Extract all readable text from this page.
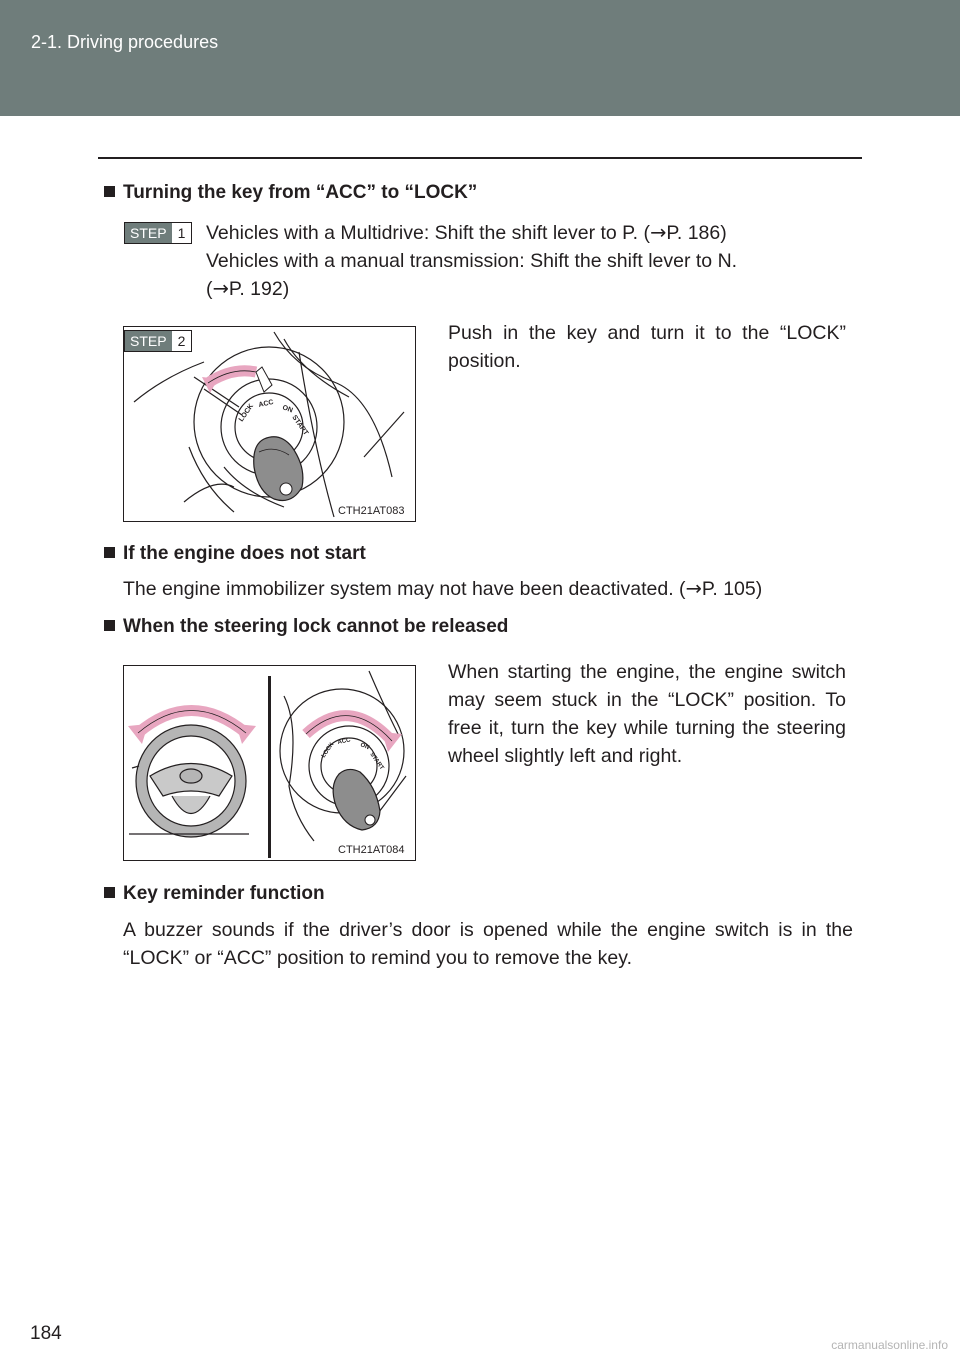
2-1. Driving procedures
Turning the key from “ACC” to “LOCK”
STEP 1	Vehicles with a Multidrive: Shift the shift lever to P. (→P. 186)
Vehicles with a manual transmission: Shift the shift lever to N.
(→P. 192)
LOCK ACC
ON
START
CTH21AT083
STEP 2	Push in the key and turn it to the “LOCK” position.
If the engine does not start
The engine immobilizer system may not have been deactivated. (→P. 105)
When the steering lock cannot be released
LOCK
ACC
ON
START
CTH21AT084
When starting the engine, the engine switch may seem stuck in the “LOCK” position. To free it, turn the key while turning the steering wheel slightly left and right.
Key reminder function
A buzzer sounds if the driver’s door is opened while the engine switch is in the “LOCK” or “ACC” position to remind you to remove the key.
184
carmanualsonline.info
